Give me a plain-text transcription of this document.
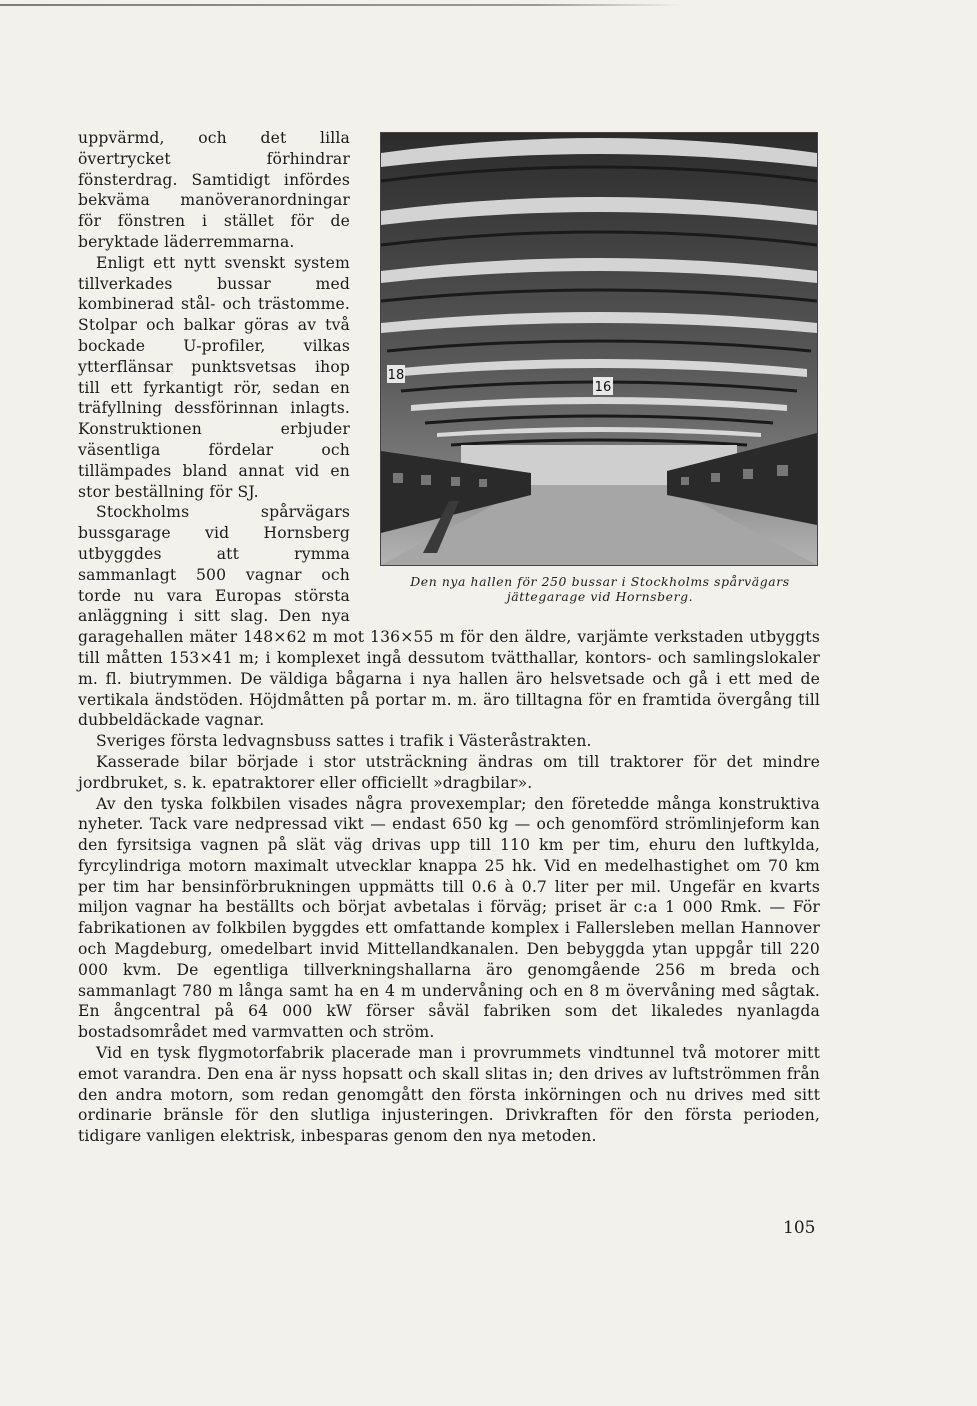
18
16
Den nya hallen för 250 bussar i Stockholms spårvägars jättegarage vid Hornsberg.

uppvärmd, och det lilla övertrycket förhindrar fönsterdrag. Samtidigt infördes bekväma manöveranordningar för fönstren i stället för de beryktade läderremmarna.

Enligt ett nytt svenskt system tillverkades bussar med kombinerad stål- och trästomme. Stolpar och balkar göras av två bockade U-profiler, vilkas ytterflänsar punktsvetsas ihop till ett fyrkantigt rör, sedan en träfyllning dessförinnan inlagts. Konstruktionen erbjuder väsentliga fördelar och tillämpades bland annat vid en stor beställning för SJ.

Stockholms spårvägars bussgarage vid Hornsberg utbyggdes att rymma sammanlagt 500 vagnar och torde nu vara Europas största anläggning i sitt slag. Den nya garagehallen mäter 148×62 m mot 136×55 m för den äldre, varjämte verkstaden utbyggts till måtten 153×41 m; i komplexet ingå dessutom tvätthallar, kontors- och samlingslokaler m. fl. biutrymmen. De väldiga bågarna i nya hallen äro helsvetsade och gå i ett med de vertikala ändstöden. Höjdmåtten på portar m. m. äro tilltagna för en framtida övergång till dubbeldäckade vagnar.

Sveriges första ledvagnsbuss sattes i trafik i Västeråstrakten.

Kasserade bilar började i stor utsträckning ändras om till traktorer för det mindre jordbruket, s. k. epatraktorer eller officiellt »dragbilar».

Av den tyska folkbilen visades några provexemplar; den företedde många konstruktiva nyheter. Tack vare nedpressad vikt — endast 650 kg — och genomförd strömlinjeform kan den fyrsitsiga vagnen på slät väg drivas upp till 110 km per tim, ehuru den luftkylda, fyrcylindriga motorn maximalt utvecklar knappa 25 hk. Vid en medelhastighet om 70 km per tim har bensinförbrukningen uppmätts till 0.6 à 0.7 liter per mil. Ungefär en kvarts miljon vagnar ha beställts och börjat avbetalas i förväg; priset är c:a 1 000 Rmk. — För fabrikationen av folkbilen byggdes ett omfattande komplex i Fallersleben mellan Hannover och Magdeburg, omedelbart invid Mittellandkanalen. Den bebyggda ytan uppgår till 220 000 kvm. De egentliga tillverkningshallarna äro genomgående 256 m breda och sammanlagt 780 m långa samt ha en 4 m undervåning och en 8 m övervåning med sågtak. En ångcentral på 64 000 kW förser såväl fabriken som det likaledes nyanlagda bostadsområdet med varmvatten och ström.

Vid en tysk flygmotorfabrik placerade man i provrummets vindtunnel två motorer mitt emot varandra. Den ena är nyss hopsatt och skall slitas in; den drives av luftströmmen från den andra motorn, som redan genomgått den första inkörningen och nu drives med sitt ordinarie bränsle för den slutliga injusteringen. Drivkraften för den första perioden, tidigare vanligen elektrisk, inbesparas genom den nya metoden.

105
